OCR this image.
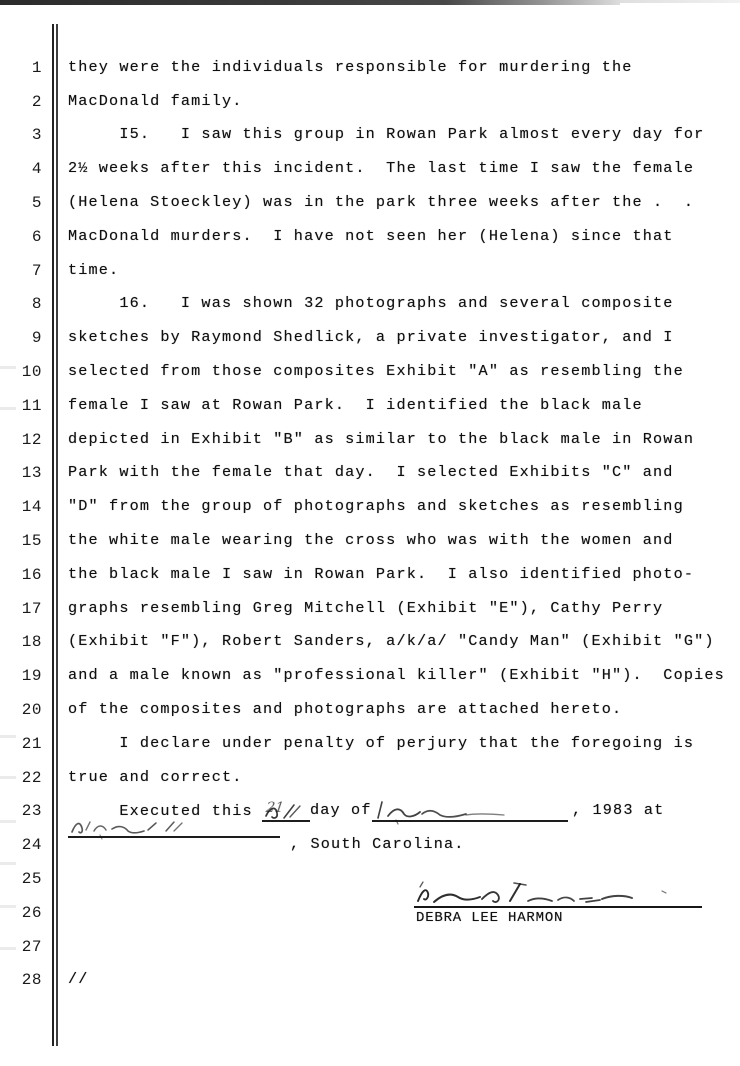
1
2
3
4
5
6
7
8
9
10
11
12
13
14
15
16
17
18
19
20
21
22
23
24
25
26
27
28
they were the individuals responsible for murdering the
MacDonald family.
I5.   I saw this group in Rowan Park almost every day for
2½ weeks after this incident.  The last time I saw the female
(Helena Stoeckley) was in the park three weeks after the .  .
MacDonald murders.  I have not seen her (Helena) since that
time.
16.   I was shown 32 photographs and several composite
sketches by Raymond Shedlick, a private investigator, and I
selected from those composites Exhibit "A" as resembling the
female I saw at Rowan Park.  I identified the black male
depicted in Exhibit "B" as similar to the black male in Rowan
Park with the female that day.  I selected Exhibits "C" and
"D" from the group of photographs and sketches as resembling
the white male wearing the cross who was with the women and
the black male I saw in Rowan Park.  I also identified photo-
graphs resembling Greg Mitchell (Exhibit "E"), Cathy Perry
(Exhibit "F"), Robert Sanders, a/k/a/ "Candy Man" (Exhibit "G")
and a male known as "professional killer" (Exhibit "H").  Copies
of the composites and photographs are attached hereto.
I declare under penalty of perjury that the foregoing is
true and correct.
//
Executed this	day of	, 1983 at
21
, South Carolina.
DEBRA LEE HARMON
